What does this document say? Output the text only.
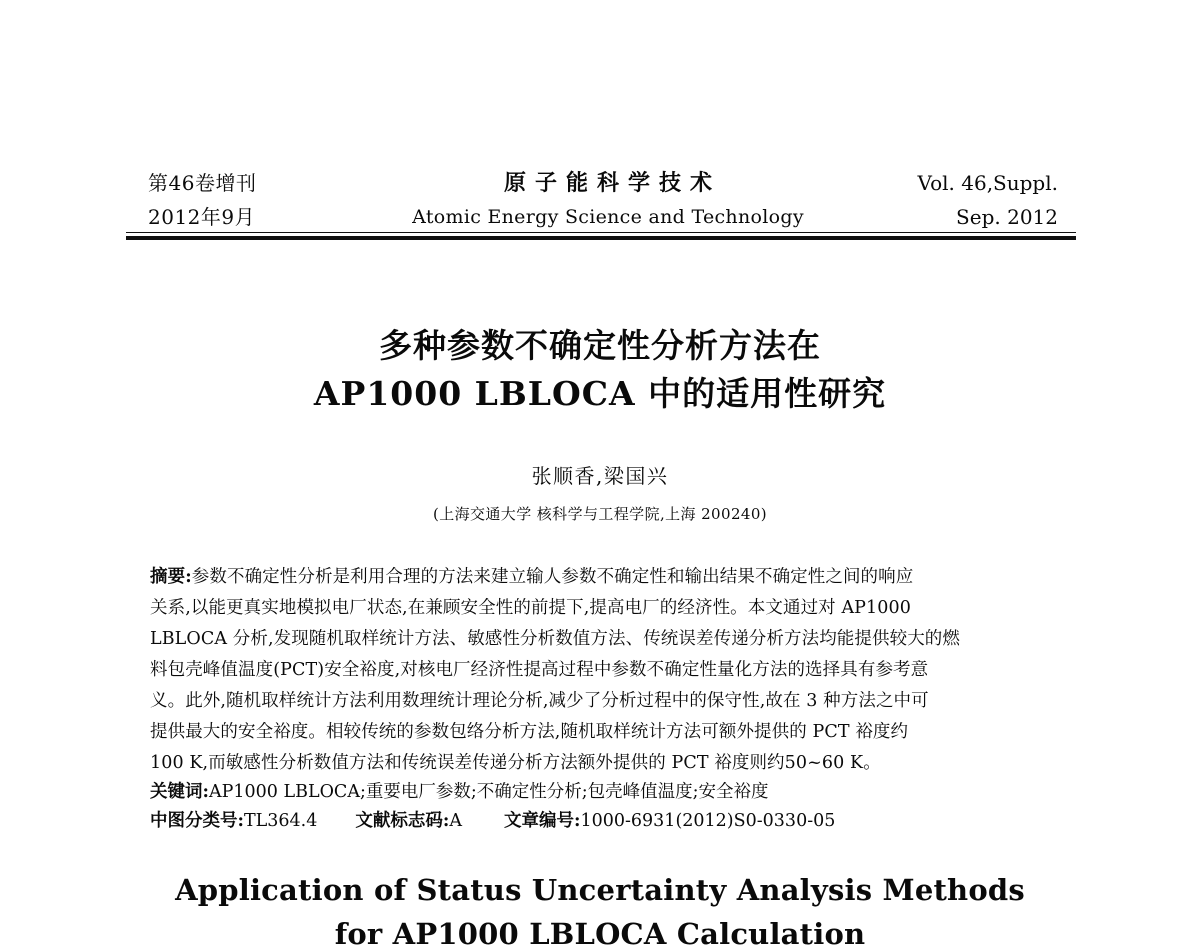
第46卷增刊
2012年9月
原子能科学技术
Atomic Energy Science and Technology
Vol. 46,Suppl.
Sep. 2012
多种参数不确定性分析方法在
AP1000 LBLOCA 中的适用性研究
张顺香,梁国兴
(上海交通大学 核科学与工程学院,上海 200240)
摘要:参数不确定性分析是利用合理的方法来建立输人参数不确定性和输出结果不确定性之间的响应
关系,以能更真实地模拟电厂状态,在兼顾安全性的前提下,提高电厂的经济性。本文通过对 AP1000
LBLOCA 分析,发现随机取样统计方法、敏感性分析数值方法、传统误差传递分析方法均能提供较大的燃
料包壳峰值温度(PCT)安全裕度,对核电厂经济性提高过程中参数不确定性量化方法的选择具有参考意
义。此外,随机取样统计方法利用数理统计理论分析,减少了分析过程中的保守性,故在 3 种方法之中可
提供最大的安全裕度。相较传统的参数包络分析方法,随机取样统计方法可额外提供的 PCT 裕度约
100 K,而敏感性分析数值方法和传统误差传递分析方法额外提供的 PCT 裕度则约50~60 K。
关键词:AP1000 LBLOCA;重要电厂参数;不确定性分析;包壳峰值温度;安全裕度
中图分类号:TL364.4 文献标志码:A 文章编号:1000-6931(2012)S0-0330-05
Application of Status Uncertainty Analysis Methods
for AP1000 LBLOCA Calculation
